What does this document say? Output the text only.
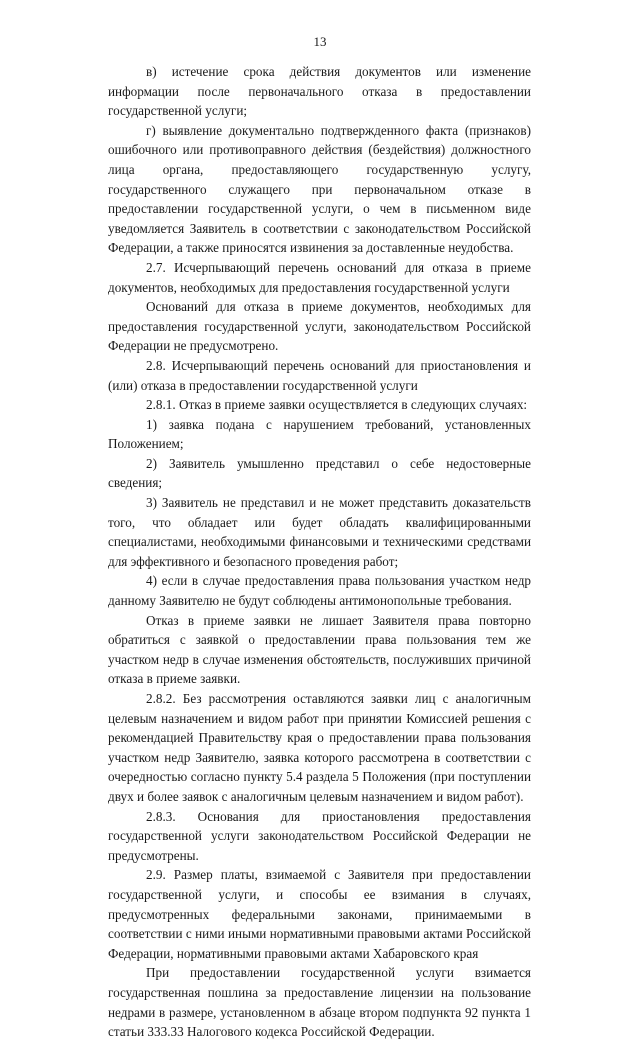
13

в) истечение срока действия документов или изменение информации после первоначального отказа в предоставлении государственной услуги;

г) выявление документально подтвержденного факта (признаков) ошибочного или противоправного действия (бездействия) должностного лица органа, предоставляющего государственную услугу, государственного служащего при первоначальном отказе в предоставлении государственной услуги, о чем в письменном виде уведомляется Заявитель в соответствии с законодательством Российской Федерации, а также приносятся извинения за доставленные неудобства.

2.7. Исчерпывающий перечень оснований для отказа в приеме документов, необходимых для предоставления государственной услуги

Оснований для отказа в приеме документов, необходимых для предоставления государственной услуги, законодательством Российской Федерации не предусмотрено.

2.8. Исчерпывающий перечень оснований для приостановления и (или) отказа в предоставлении государственной услуги

2.8.1. Отказ в приеме заявки осуществляется в следующих случаях:

1) заявка подана с нарушением требований, установленных Положением;

2) Заявитель умышленно представил о себе недостоверные сведения;

3) Заявитель не представил и не может представить доказательств того, что обладает или будет обладать квалифицированными специалистами, необходимыми финансовыми и техническими средствами для эффективного и безопасного проведения работ;

4) если в случае предоставления права пользования участком недр данному Заявителю не будут соблюдены антимонопольные требования.

Отказ в приеме заявки не лишает Заявителя права повторно обратиться с заявкой о предоставлении права пользования тем же участком недр в случае изменения обстоятельств, послуживших причиной отказа в приеме заявки.

2.8.2. Без рассмотрения оставляются заявки лиц с аналогичным целевым назначением и видом работ при принятии Комиссией решения с рекомендацией Правительству края о предоставлении права пользования участком недр Заявителю, заявка которого рассмотрена в соответствии с очередностью согласно пункту 5.4 раздела 5 Положения (при поступлении двух и более заявок с аналогичным целевым назначением и видом работ).

2.8.3. Основания для приостановления предоставления государственной услуги законодательством Российской Федерации не предусмотрены.

2.9. Размер платы, взимаемой с Заявителя при предоставлении государственной услуги, и способы ее взимания в случаях, предусмотренных федеральными законами, принимаемыми в соответствии с ними иными нормативными правовыми актами Российской Федерации, нормативными правовыми актами Хабаровского края

При предоставлении государственной услуги взимается государственная пошлина за предоставление лицензии на пользование недрами в размере, установленном в абзаце втором подпункта 92 пункта 1 статьи 333.33 Налогового кодекса Российской Федерации.
